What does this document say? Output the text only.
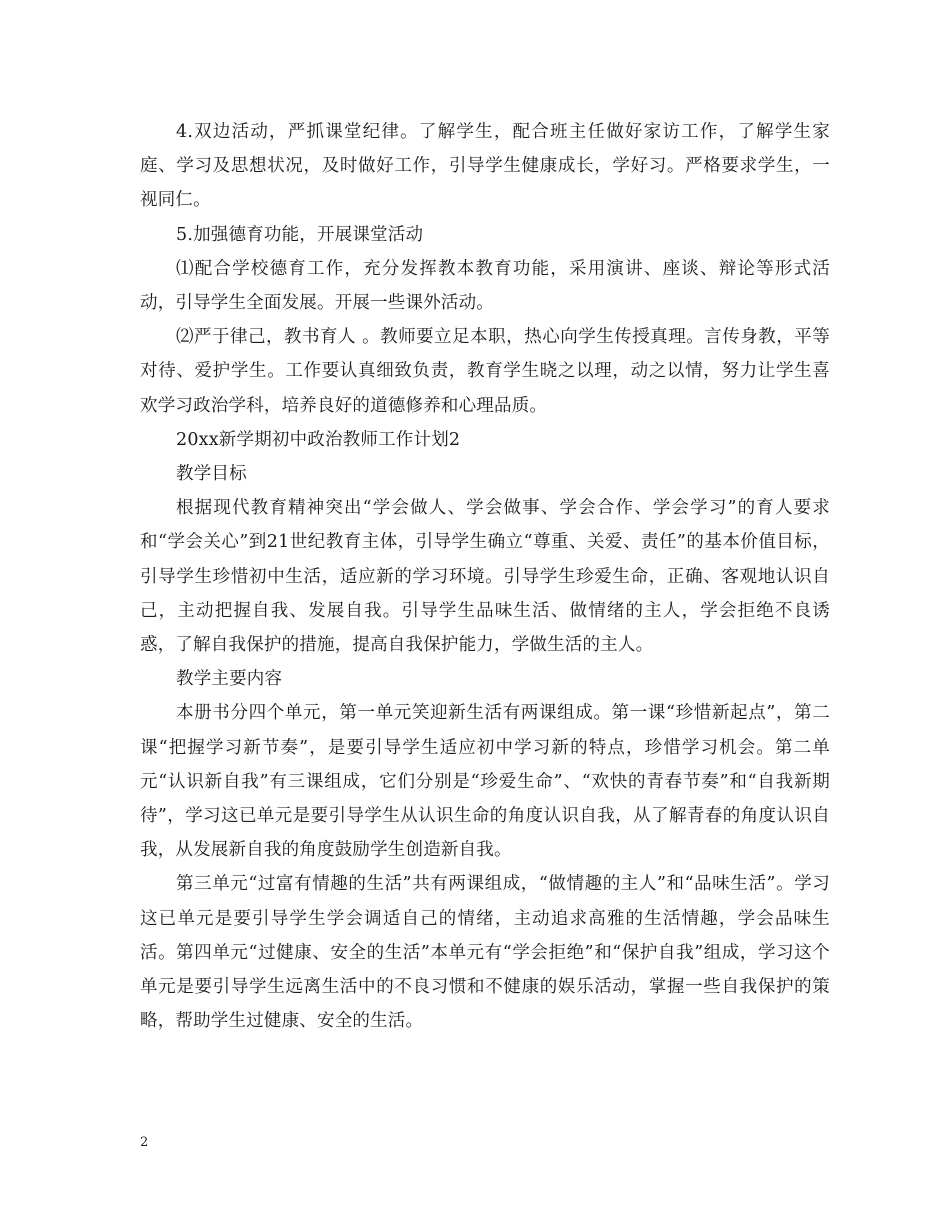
4.双边活动，严抓课堂纪律。了解学生，配合班主任做好家访工作，了解学生家庭、学习及思想状况，及时做好工作，引导学生健康成长，学好习。严格要求学生，一视同仁。

5.加强德育功能，开展课堂活动

⑴配合学校德育工作，充分发挥教本教育功能，采用演讲、座谈、辩论等形式活动，引导学生全面发展。开展一些课外活动。

⑵严于律己，教书育人 。教师要立足本职，热心向学生传授真理。言传身教，平等对待、爱护学生。工作要认真细致负责，教育学生晓之以理，动之以情，努力让学生喜欢学习政治学科，培养良好的道德修养和心理品质。

20xx新学期初中政治教师工作计划2

教学目标

根据现代教育精神突出“学会做人、学会做事、学会合作、学会学习”的育人要求和“学会关心”到21世纪教育主体，引导学生确立“尊重、关爱、责任”的基本价值目标，引导学生珍惜初中生活，适应新的学习环境。引导学生珍爱生命，正确、客观地认识自己，主动把握自我、发展自我。引导学生品味生活、做情绪的主人，学会拒绝不良诱惑，了解自我保护的措施，提高自我保护能力，学做生活的主人。

教学主要内容

本册书分四个单元，第一单元笑迎新生活有两课组成。第一课“珍惜新起点”，第二课“把握学习新节奏”，是要引导学生适应初中学习新的特点，珍惜学习机会。第二单元“认识新自我”有三课组成，它们分别是“珍爱生命”、“欢快的青春节奏”和“自我新期待”，学习这已单元是要引导学生从认识生命的角度认识自我，从了解青春的角度认识自我，从发展新自我的角度鼓励学生创造新自我。

第三单元“过富有情趣的生活”共有两课组成，“做情趣的主人”和“品味生活”。学习这已单元是要引导学生学会调适自己的情绪，主动追求高雅的生活情趣，学会品味生活。第四单元“过健康、安全的生活”本单元有“学会拒绝”和“保护自我”组成，学习这个单元是要引导学生远离生活中的不良习惯和不健康的娱乐活动，掌握一些自我保护的策略，帮助学生过健康、安全的生活。

2
